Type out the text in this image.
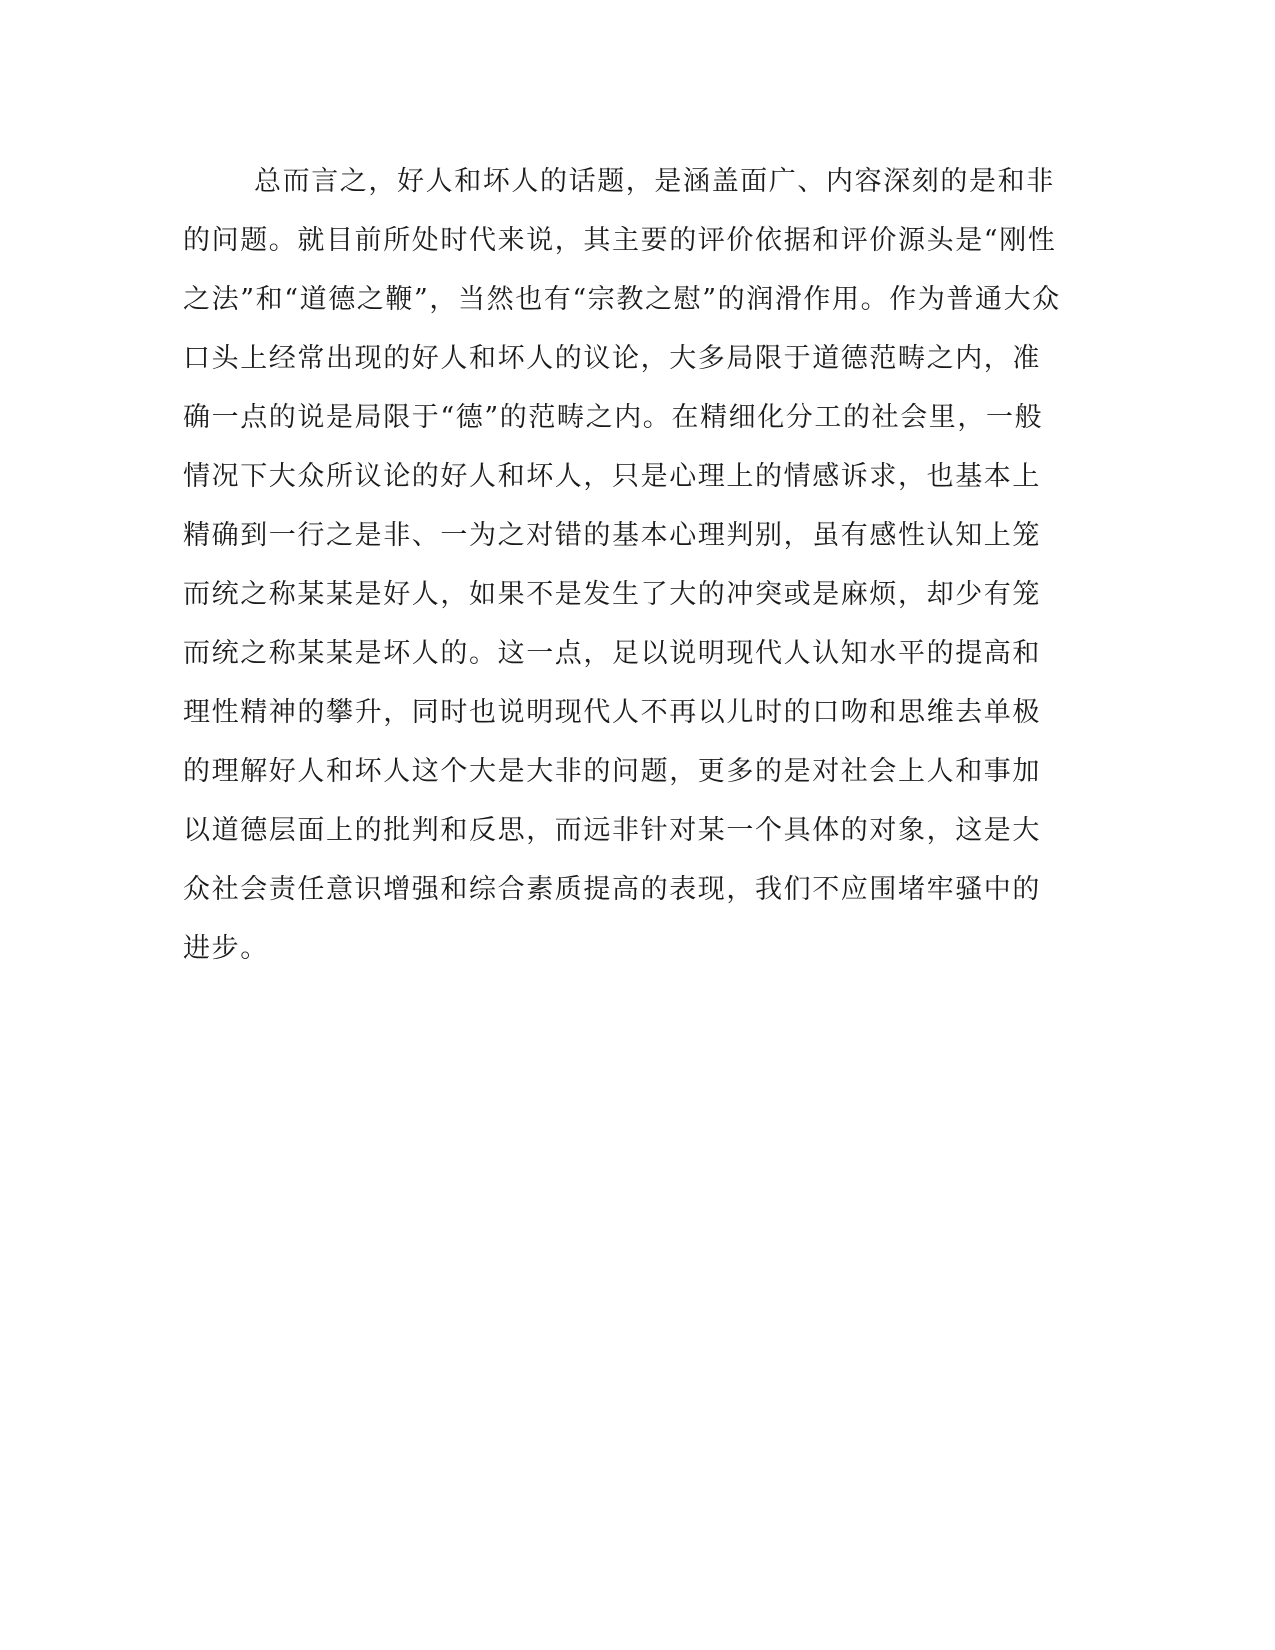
总而言之，好人和坏人的话题，是涵盖面广、内容深刻的是和非
的问题。就目前所处时代来说，其主要的评价依据和评价源头是“刚性
之法”和“道德之鞭”，当然也有“宗教之慰”的润滑作用。作为普通大众
口头上经常出现的好人和坏人的议论，大多局限于道德范畴之内，准
确一点的说是局限于“德”的范畴之内。在精细化分工的社会里，一般
情况下大众所议论的好人和坏人，只是心理上的情感诉求，也基本上
精确到一行之是非、一为之对错的基本心理判别，虽有感性认知上笼
而统之称某某是好人，如果不是发生了大的冲突或是麻烦，却少有笼
而统之称某某是坏人的。这一点，足以说明现代人认知水平的提高和
理性精神的攀升，同时也说明现代人不再以儿时的口吻和思维去单极
的理解好人和坏人这个大是大非的问题，更多的是对社会上人和事加
以道德层面上的批判和反思，而远非针对某一个具体的对象，这是大
众社会责任意识增强和综合素质提高的表现，我们不应围堵牢骚中的
进步。
